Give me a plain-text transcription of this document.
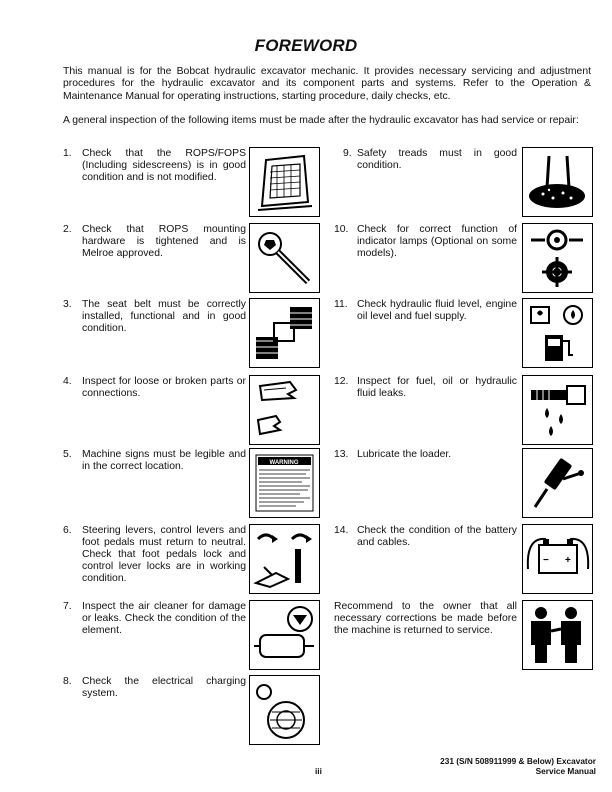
FOREWORD
This manual is for the Bobcat hydraulic excavator mechanic. It provides necessary servicing and adjustment procedures for the hydraulic excavator and its component parts and systems. Refer to the Operation & Maintenance Manual for operating instructions, starting procedure, daily checks, etc.
A general inspection of the following items must be made after the hydraulic excavator has had service or repair:
1. Check that the ROPS/FOPS (Including sidescreens) is in good condition and is not modified.
2. Check that ROPS mounting hardware is tightened and is Melroe approved.
3. The seat belt must be correctly installed, functional and in good condition.
4. Inspect for loose or broken parts or connections.
5. Machine signs must be legible and in the correct location.
6. Steering levers, control levers and foot pedals must return to neutral. Check that foot pedals lock and control lever locks are in working condition.
7. Inspect the air cleaner for damage or leaks. Check the condition of the element.
8. Check the electrical charging system.
9. Safety treads must in good condition.
10. Check for correct function of indicator lamps (Optional on some models).
11. Check hydraulic fluid level, engine oil level and fuel supply.
12. Inspect for fuel, oil or hydraulic fluid leaks.
13. Lubricate the loader.
14. Check the condition of the battery and cables.
Recommend to the owner that all necessary corrections be made before the machine is returned to service.
WARNING
− +
iii
231 (S/N 508911999 & Below) Excavator
Service Manual
